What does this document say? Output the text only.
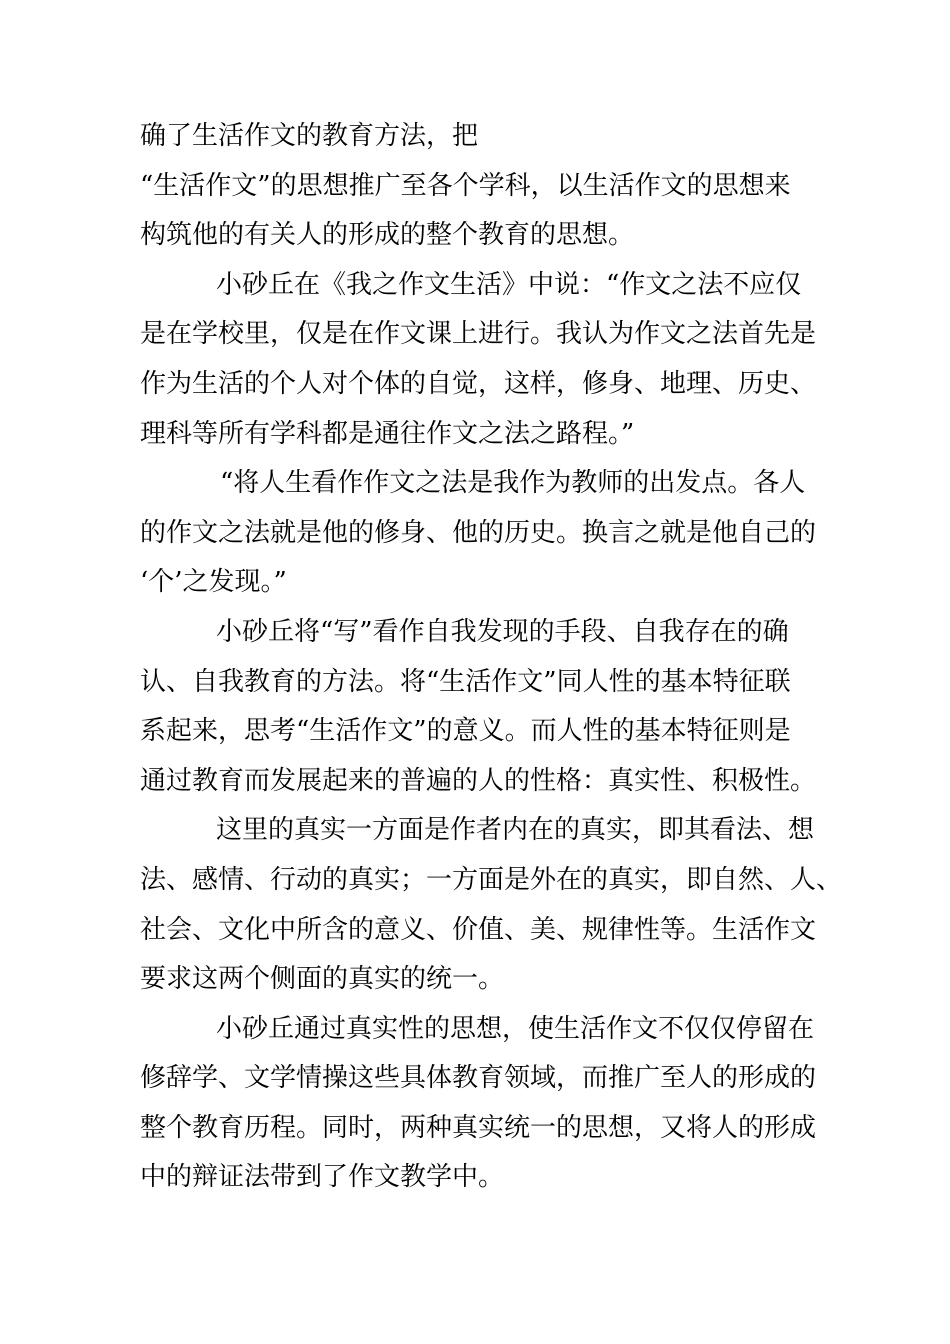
确了生活作文的教育方法，把
“生活作文”的思想推广至各个学科，以生活作文的思想来
构筑他的有关人的形成的整个教育的思想。
小砂丘在《我之作文生活》中说：“作文之法不应仅
是在学校里，仅是在作文课上进行。我认为作文之法首先是
作为生活的个人对个体的自觉，这样，修身、地理、历史、
理科等所有学科都是通往作文之法之路程。”
“将人生看作作文之法是我作为教师的出发点。各人
的作文之法就是他的修身、他的历史。换言之就是他自己的
‘个’之发现。”
小砂丘将“写”看作自我发现的手段、自我存在的确
认、自我教育的方法。将“生活作文”同人性的基本特征联
系起来，思考“生活作文”的意义。而人性的基本特征则是
通过教育而发展起来的普遍的人的性格：真实性、积极性。
这里的真实一方面是作者内在的真实，即其看法、想
法、感情、行动的真实；一方面是外在的真实，即自然、人、
社会、文化中所含的意义、价值、美、规律性等。生活作文
要求这两个侧面的真实的统一。
小砂丘通过真实性的思想，使生活作文不仅仅停留在
修辞学、文学情操这些具体教育领域，而推广至人的形成的
整个教育历程。同时，两种真实统一的思想，又将人的形成
中的辩证法带到了作文教学中。
